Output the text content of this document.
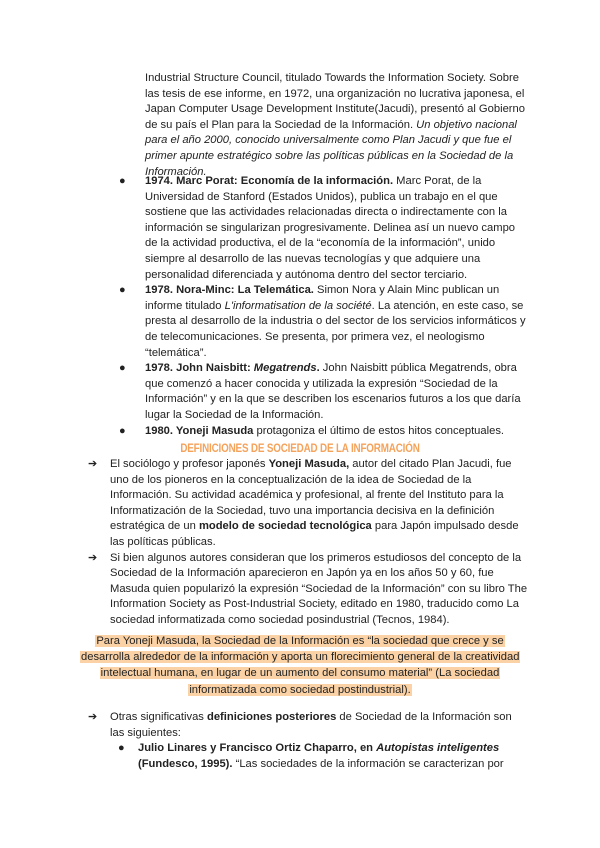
Industrial Structure Council, titulado Towards the Information Society. Sobre las tesis de ese informe, en 1972, una organización no lucrativa japonesa, el Japan Computer Usage Development Institute(Jacudi), presentó al Gobierno de su país el Plan para la Sociedad de la Información. Un objetivo nacional para el año 2000, conocido universalmente como Plan Jacudi y que fue el primer apunte estratégico sobre las políticas públicas en la Sociedad de la Información.
● 1974. Marc Porat: Economía de la información. Marc Porat, de la Universidad de Stanford (Estados Unidos), publica un trabajo en el que sostiene que las actividades relacionadas directa o indirectamente con la información se singularizan progresivamente. Delinea así un nuevo campo de la actividad productiva, el de la “economía de la información”, unido siempre al desarrollo de las nuevas tecnologías y que adquiere una personalidad diferenciada y autónoma dentro del sector terciario.
● 1978. Nora-Minc: La Telemática. Simon Nora y Alain Minc publican un informe titulado L'informatisation de la société. La atención, en este caso, se presta al desarrollo de la industria o del sector de los servicios informáticos y de telecomunicaciones. Se presenta, por primera vez, el neologismo “telemática”.
● 1978. John Naisbitt: Megatrends. John Naisbitt pública Megatrends, obra que comenzó a hacer conocida y utilizada la expresión “Sociedad de la Información” y en la que se describen los escenarios futuros a los que daría lugar la Sociedad de la Información.
● 1980. Yoneji Masuda protagoniza el último de estos hitos conceptuales.
DEFINICIONES DE SOCIEDAD DE LA INFORMACIÓN
➔ El sociólogo y profesor japonés Yoneji Masuda, autor del citado Plan Jacudi, fue uno de los pioneros en la conceptualización de la idea de Sociedad de la Información. Su actividad académica y profesional, al frente del Instituto para la Informatización de la Sociedad, tuvo una importancia decisiva en la definición estratégica de un modelo de sociedad tecnológica para Japón impulsado desde las políticas públicas.
➔ Si bien algunos autores consideran que los primeros estudiosos del concepto de la Sociedad de la Información aparecieron en Japón ya en los años 50 y 60, fue Masuda quien popularizó la expresión “Sociedad de la Información” con su libro The Information Society as Post-Industrial Society, editado en 1980, traducido como La sociedad informatizada como sociedad posindustrial (Tecnos, 1984).
Para Yoneji Masuda, la Sociedad de la Información es “la sociedad que crece y se desarrolla alrededor de la información y aporta un florecimiento general de la creatividad intelectual humana, en lugar de un aumento del consumo material” (La sociedad informatizada como sociedad postindustrial).
➔ Otras significativas definiciones posteriores de Sociedad de la Información son las siguientes:
● Julio Linares y Francisco Ortiz Chaparro, en Autopistas inteligentes (Fundesco, 1995). “Las sociedades de la información se caracterizan por
